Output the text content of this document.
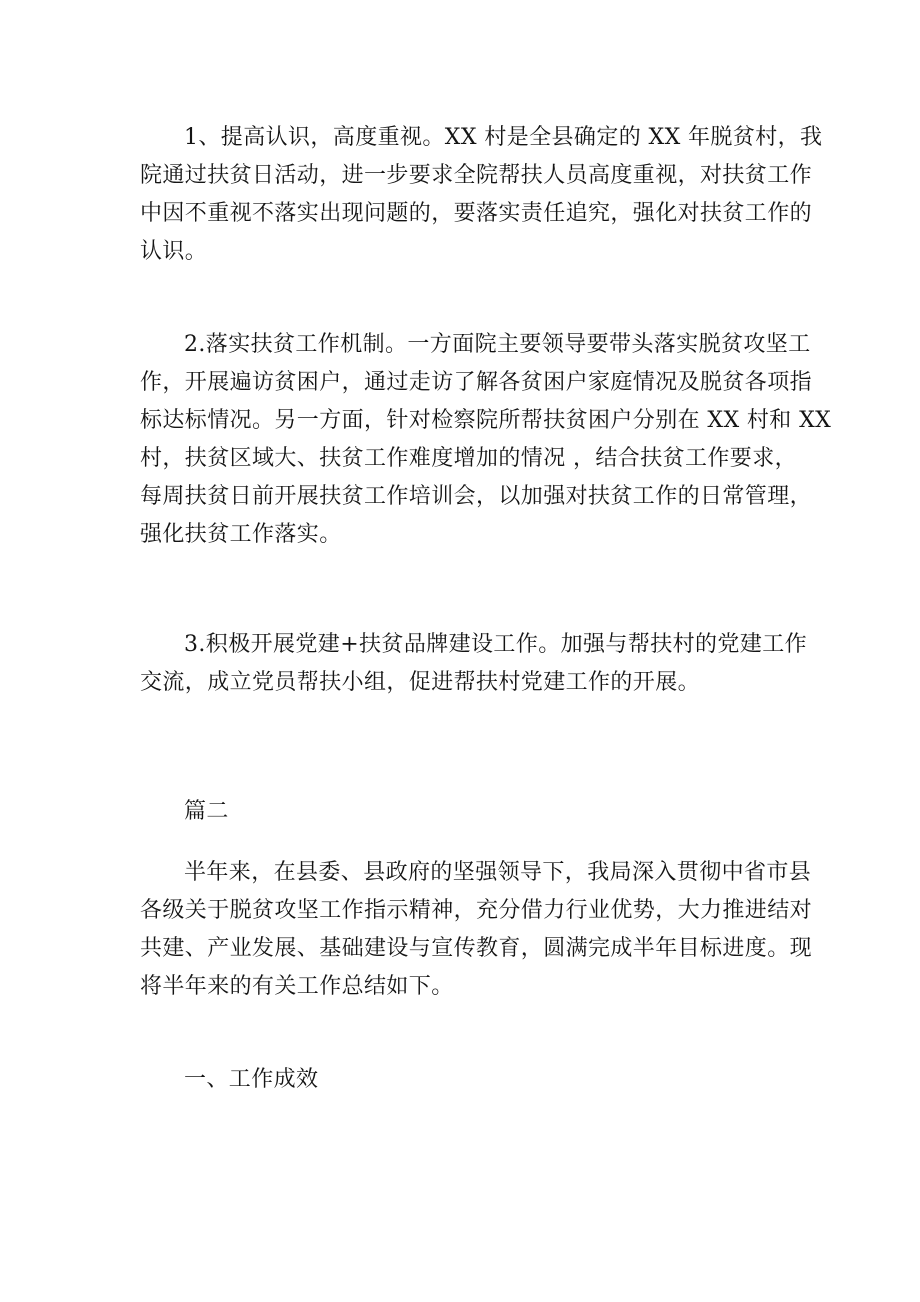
1、提高认识，高度重视。XX 村是全县确定的 XX 年脱贫村，我
院通过扶贫日活动，进一步要求全院帮扶人员高度重视，对扶贫工作
中因不重视不落实出现问题的，要落实责任追究，强化对扶贫工作的
认识。
2.落实扶贫工作机制。一方面院主要领导要带头落实脱贫攻坚工
作，开展遍访贫困户，通过走访了解各贫困户家庭情况及脱贫各项指
标达标情况。另一方面，针对检察院所帮扶贫困户分别在 XX 村和 XX
村，扶贫区域大、扶贫工作难度增加的情况 ，结合扶贫工作要求，
每周扶贫日前开展扶贫工作培训会，以加强对扶贫工作的日常管理，
强化扶贫工作落实。
3.积极开展党建+扶贫品牌建设工作。加强与帮扶村的党建工作
交流，成立党员帮扶小组，促进帮扶村党建工作的开展。
篇二
半年来，在县委、县政府的坚强领导下，我局深入贯彻中省市县
各级关于脱贫攻坚工作指示精神，充分借力行业优势，大力推进结对
共建、产业发展、基础建设与宣传教育，圆满完成半年目标进度。现
将半年来的有关工作总结如下。
一、工作成效
